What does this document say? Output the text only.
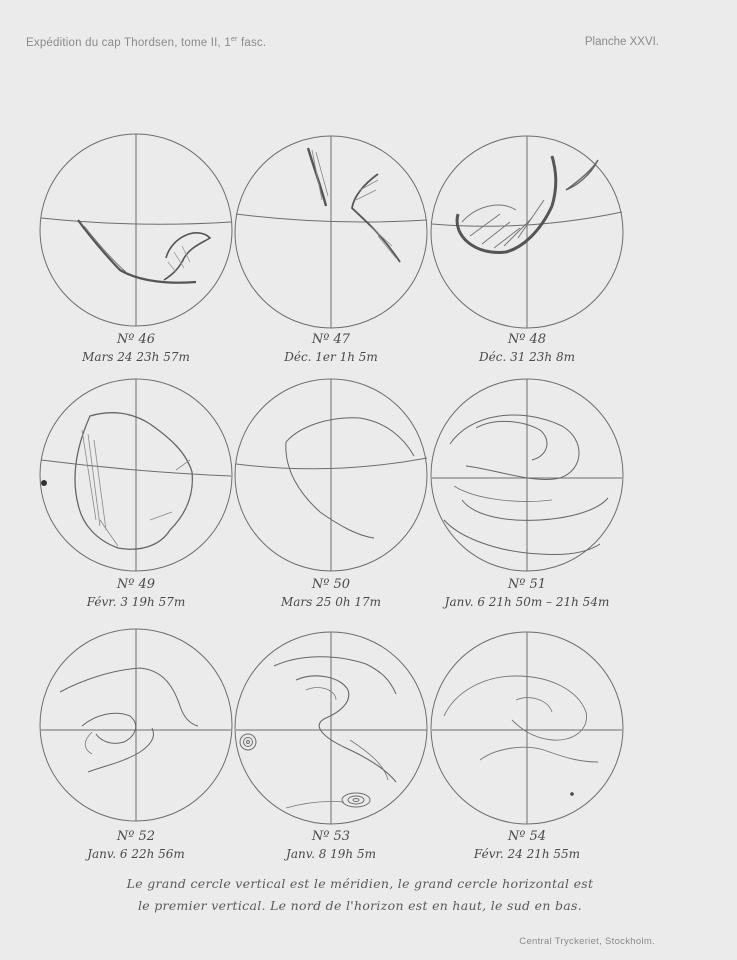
Expédition du cap Thordsen, tome II, 1er fasc.	Planche XXVI.
Nº 46
Mars 24 23h 57m
Nº 47
Déc. 1er 1h 5m
Nº 48
Déc. 31 23h 8m
Nº 49
Févr. 3 19h 57m
Nº 50
Mars 25 0h 17m
Nº 51
Janv. 6 21h 50m – 21h 54m
Nº 52
Janv. 6 22h 56m
Nº 53
Janv. 8 19h 5m
Nº 54
Févr. 24 21h 55m
Le grand cercle vertical est le méridien, le grand cercle horizontal est
le premier vertical. Le nord de l'horizon est en haut, le sud en bas.
Central Tryckeriet, Stockholm.
